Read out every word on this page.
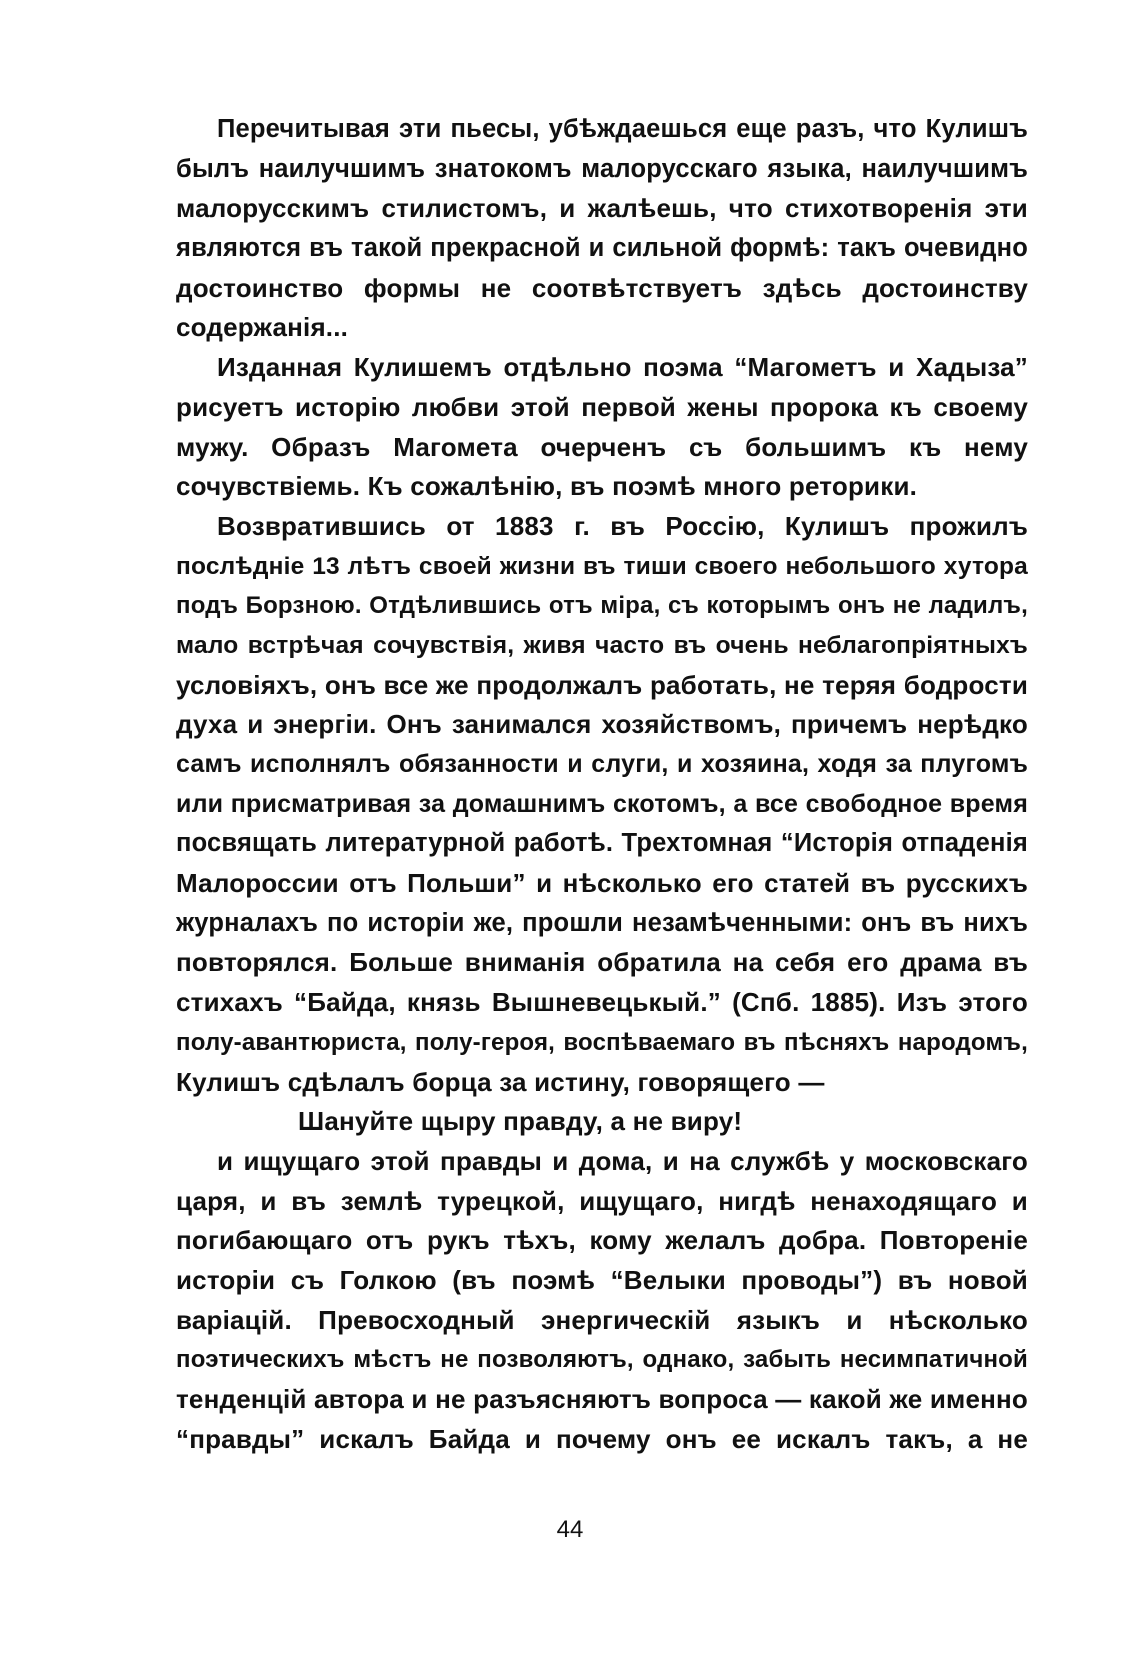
Перечитывая эти пьесы, убѣждаешься еще разъ, что Кулишъ
былъ наилучшимъ знатокомъ малорусскаго языка, наилучшимъ
малорусскимъ стилистомъ, и жалѣешь, что стихотворенія эти
являются въ такой прекрасной и сильной формѣ: такъ очевидно
достоинство формы не соотвѣтствуетъ здѣсь достоинству
содержанія...
Изданная Кулишемъ отдѣльно поэма “Магометъ и Хадыза”
рисуетъ исторію любви этой первой жены пророка къ своему
мужу. Образъ Магомета очерченъ съ большимъ къ нему
сочувствіемь. Къ сожалѣнію, въ поэмѣ много реторики.
Возвратившись от 1883 г. въ Россію, Кулишъ прожилъ
послѣдніе 13 лѣтъ своей жизни въ тиши своего небольшого хутора
подъ Борзною. Отдѣлившись отъ міра, съ которымъ онъ не ладилъ,
мало встрѣчая сочувствія, живя часто въ очень неблагопріятныхъ
условіяхъ, онъ все же продолжалъ работать, не теряя бодрости
духа и энергіи. Онъ занимался хозяйствомъ, причемъ нерѣдко
самъ исполнялъ обязанности и слуги, и хозяина, ходя за плугомъ
или присматривая за домашнимъ скотомъ, а все свободное время
посвящать литературной работѣ. Трехтомная “Исторія отпаденія
Малороссии отъ Польши” и нѣсколько его статей въ русскихъ
журналахъ по исторіи же, прошли незамѣченными: онъ въ нихъ
повторялся. Больше вниманія обратила на себя его драма въ
стихахъ “Байда, князь Вышневецькый.” (Спб. 1885). Изъ этого
полу-авантюриста, полу-героя, воспѣваемаго въ пѣсняхъ народомъ,
Кулишъ сдѣлалъ борца за истину, говорящего —
Шануйте щыру правду, а не виру!
и ищущаго этой правды и дома, и на службѣ у московскаго
царя, и въ землѣ турецкой, ищущаго, нигдѣ ненаходящаго и
погибающаго отъ рукъ тѣхъ, кому желалъ добра. Повтореніе
исторіи съ Голкою (въ поэмѣ “Велыки проводы”) въ новой
варіацій. Превосходный энергическій языкъ и нѣсколько
поэтическихъ мѣстъ не позволяютъ, однако, забыть несимпатичной
тенденцій автора и не разъясняютъ вопроса — какой же именно
“правды” искалъ Байда и почему онъ ее искалъ такъ, а не
44
